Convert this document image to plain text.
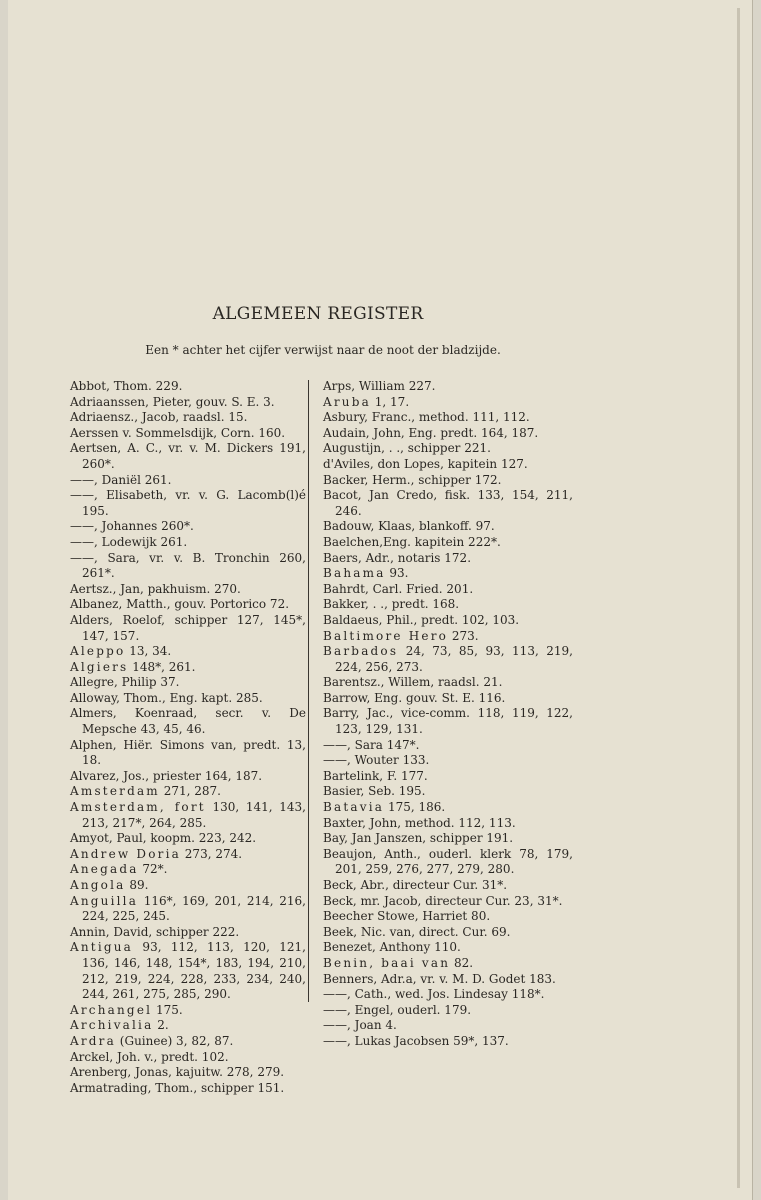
ALGEMEEN REGISTER
Een * achter het cijfer verwijst naar de noot der bladzijde.
Abbot, Thom. 229.
Adriaanssen, Pieter, gouv. S. E. 3.
Adriaensz., Jacob, raadsl. 15.
Aerssen v. Sommelsdijk, Corn. 160.
Aertsen, A. C., vr. v. M. Dickers 191, 260*.
——, Daniël 261.
——, Elisabeth, vr. v. G. Lacomb(l)é 195.
——, Johannes 260*.
——, Lodewijk 261.
——, Sara, vr. v. B. Tronchin 260, 261*.
Aertsz., Jan, pakhuism. 270.
Albanez, Matth., gouv. Portorico 72.
Alders, Roelof, schipper 127, 145*, 147, 157.
Aleppo 13, 34.
Algiers 148*, 261.
Allegre, Philip 37.
Alloway, Thom., Eng. kapt. 285.
Almers, Koenraad, secr. v. De Mepsche 43, 45, 46.
Alphen, Hiër. Simons van, predt. 13, 18.
Alvarez, Jos., priester 164, 187.
Amsterdam 271, 287.
Amsterdam, fort 130, 141, 143, 213, 217*, 264, 285.
Amyot, Paul, koopm. 223, 242.
Andrew Doria 273, 274.
Anegada 72*.
Angola 89.
Anguilla 116*, 169, 201, 214, 216, 224, 225, 245.
Annin, David, schipper 222.
Antigua 93, 112, 113, 120, 121, 136, 146, 148, 154*, 183, 194, 210, 212, 219, 224, 228, 233, 234, 240, 244, 261, 275, 285, 290.
Archangel 175.
Archivalia 2.
Ardra (Guinee) 3, 82, 87.
Arckel, Joh. v., predt. 102.
Arenberg, Jonas, kajuitw. 278, 279.
Armatrading, Thom., schipper 151.
Arps, William 227.
Aruba 1, 17.
Asbury, Franc., method. 111, 112.
Audain, John, Eng. predt. 164, 187.
Augustijn, . ., schipper 221.
d'Aviles, don Lopes, kapitein 127.
Backer, Herm., schipper 172.
Bacot, Jan Credo, fisk. 133, 154, 211, 246.
Badouw, Klaas, blankoff. 97.
Baelchen,Eng. kapitein 222*.
Baers, Adr., notaris 172.
Bahama 93.
Bahrdt, Carl. Fried. 201.
Bakker, . ., predt. 168.
Baldaeus, Phil., predt. 102, 103.
Baltimore Hero 273.
Barbados 24, 73, 85, 93, 113, 219, 224, 256, 273.
Barentsz., Willem, raadsl. 21.
Barrow, Eng. gouv. St. E. 116.
Barry, Jac., vice-comm. 118, 119, 122, 123, 129, 131.
——, Sara 147*.
——, Wouter 133.
Bartelink, F. 177.
Basier, Seb. 195.
Batavia 175, 186.
Baxter, John, method. 112, 113.
Bay, Jan Janszen, schipper 191.
Beaujon, Anth., ouderl. klerk 78, 179, 201, 259, 276, 277, 279, 280.
Beck, Abr., directeur Cur. 31*.
Beck, mr. Jacob, directeur Cur. 23, 31*.
Beecher Stowe, Harriet 80.
Beek, Nic. van, direct. Cur. 69.
Benezet, Anthony 110.
Benin, baai van 82.
Benners, Adr.a, vr. v. M. D. Godet 183.
——, Cath., wed. Jos. Lindesay 118*.
——, Engel, ouderl. 179.
——, Joan 4.
——, Lukas Jacobsen 59*, 137.
